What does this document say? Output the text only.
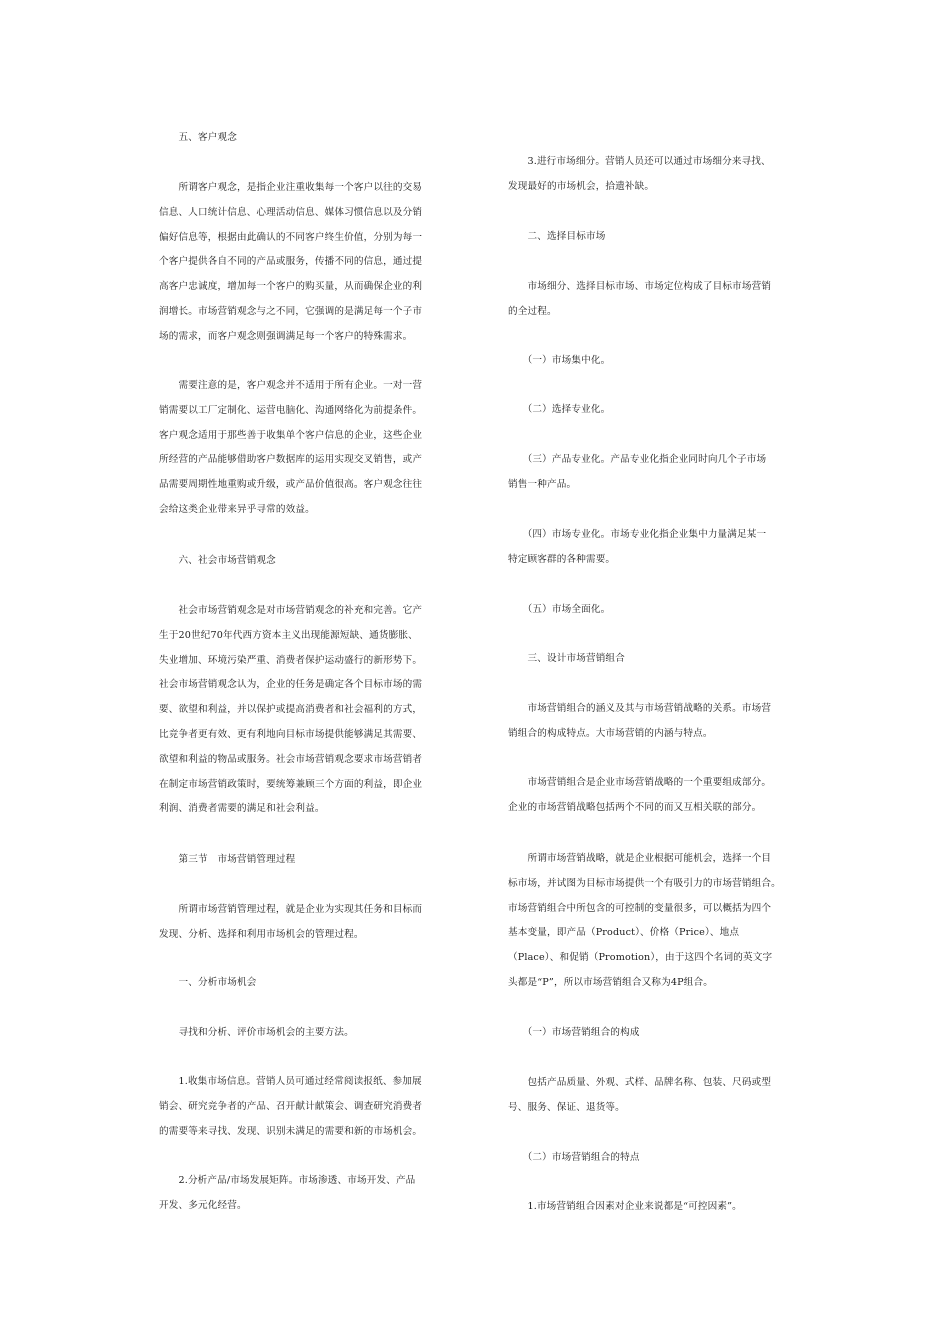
　　五、客户观念

　　所谓客户观念，是指企业注重收集每一个客户以往的交易
信息、人口统计信息、心理活动信息、媒体习惯信息以及分销
偏好信息等，根据由此确认的不同客户终生价值，分别为每一
个客户提供各自不同的产品或服务，传播不同的信息，通过提
高客户忠诚度，增加每一个客户的购买量，从而确保企业的利
润增长。市场营销观念与之不同，它强调的是满足每一个子市
场的需求，而客户观念则强调满足每一个客户的特殊需求。

　　需要注意的是，客户观念并不适用于所有企业。一对一营
销需要以工厂定制化、运营电脑化、沟通网络化为前提条件。
客户观念适用于那些善于收集单个客户信息的企业，这些企业
所经营的产品能够借助客户数据库的运用实现交叉销售，或产
品需要周期性地重购或升级，或产品价值很高。客户观念往往
会给这类企业带来异乎寻常的效益。

　　六、社会市场营销观念

　　社会市场营销观念是对市场营销观念的补充和完善。它产
生于20世纪70年代西方资本主义出现能源短缺、通货膨胀、
失业增加、环境污染严重、消费者保护运动盛行的新形势下。
社会市场营销观念认为，企业的任务是确定各个目标市场的需
要、欲望和利益，并以保护或提高消费者和社会福利的方式，
比竞争者更有效、更有利地向目标市场提供能够满足其需要、
欲望和利益的物品或服务。社会市场营销观念要求市场营销者
在制定市场营销政策时，要统筹兼顾三个方面的利益，即企业
利润、消费者需要的满足和社会利益。

　　第三节　市场营销管理过程

　　所谓市场营销管理过程，就是企业为实现其任务和目标而
发现、分析、选择和利用市场机会的管理过程。

　　一、分析市场机会

　　寻找和分析、评价市场机会的主要方法。

　　1.收集市场信息。营销人员可通过经常阅读报纸、参加展
销会、研究竞争者的产品、召开献计献策会、调查研究消费者
的需要等来寻找、发现、识别未满足的需要和新的市场机会。

　　2.分析产品/市场发展矩阵。市场渗透、市场开发、产品
开发、多元化经营。

　　3.进行市场细分。营销人员还可以通过市场细分来寻找、
发现最好的市场机会，拾遗补缺。

　　二、选择目标市场

　　市场细分、选择目标市场、市场定位构成了目标市场营销
的全过程。

　　（一）市场集中化。

　　（二）选择专业化。

　　（三）产品专业化。产品专业化指企业同时向几个子市场
销售一种产品。

　　（四）市场专业化。市场专业化指企业集中力量满足某一
特定顾客群的各种需要。

　　（五）市场全面化。

　　三、设计市场营销组合

　　市场营销组合的涵义及其与市场营销战略的关系。市场营
销组合的构成特点。大市场营销的内涵与特点。

　　市场营销组合是企业市场营销战略的一个重要组成部分。
企业的市场营销战略包括两个不同的而又互相关联的部分。

　　所谓市场营销战略，就是企业根据可能机会，选择一个目
标市场，并试图为目标市场提供一个有吸引力的市场营销组合。
市场营销组合中所包含的可控制的变量很多，可以概括为四个
基本变量，即产品（Product）、价格（Price）、地点
（Place）、和促销（Promotion），由于这四个名词的英文字
头都是“P”，所以市场营销组合又称为4P组合。

　　（一）市场营销组合的构成

　　包括产品质量、外观、式样、品牌名称、包装、尺码或型
号、服务、保证、退货等。

　　（二）市场营销组合的特点

　　1.市场营销组合因素对企业来说都是“可控因素”。
